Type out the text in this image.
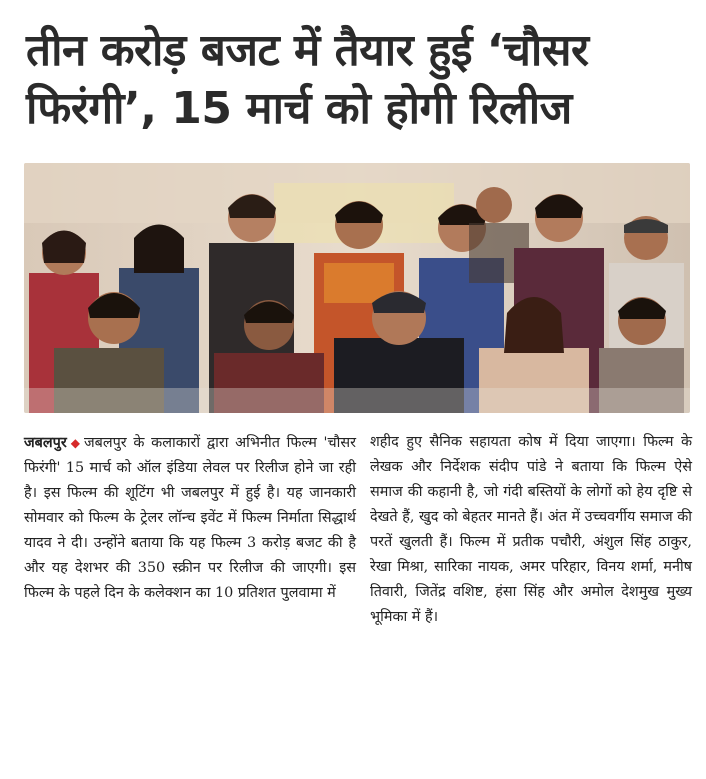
तीन करोड़ बजट में तैयार हुई ‘चौसर फिरंगी’, 15 मार्च को होगी रिलीज
जबलपुर ◆ जबलपुर के कलाकारों द्वारा अभिनीत फिल्म 'चौसर फिरंगी' 15 मार्च को ऑल इंडिया लेवल पर रिलीज होने जा रही है। इस फिल्म की शूटिंग भी जबलपुर में हुई है। यह जानकारी सोमवार को फिल्म के ट्रेलर लॉन्च इवेंट में फिल्म निर्माता सिद्धार्थ यादव ने दी। उन्होंने बताया कि यह फिल्म 3 करोड़ बजट की है और यह देशभर की 350 स्क्रीन पर रिलीज की जाएगी। इस फिल्म के पहले दिन के कलेक्शन का 10 प्रतिशत पुलवामा में
शहीद हुए सैनिक सहायता कोष में दिया जाएगा। फिल्म के लेखक और निर्देशक संदीप पांडे ने बताया कि फिल्म ऐसे समाज की कहानी है, जो गंदी बस्तियों के लोगों को हेय दृष्टि से देखते हैं, खुद को बेहतर मानते हैं। अंत में उच्चवर्गीय समाज की परतें खुलती हैं। फिल्म में प्रतीक पचौरी, अंशुल सिंह ठाकुर, रेखा मिश्रा, सारिका नायक, अमर परिहार, विनय शर्मा, मनीष तिवारी, जितेंद्र वशिष्ट, हंसा सिंह और अमोल देशमुख मुख्य भूमिका में हैं।
